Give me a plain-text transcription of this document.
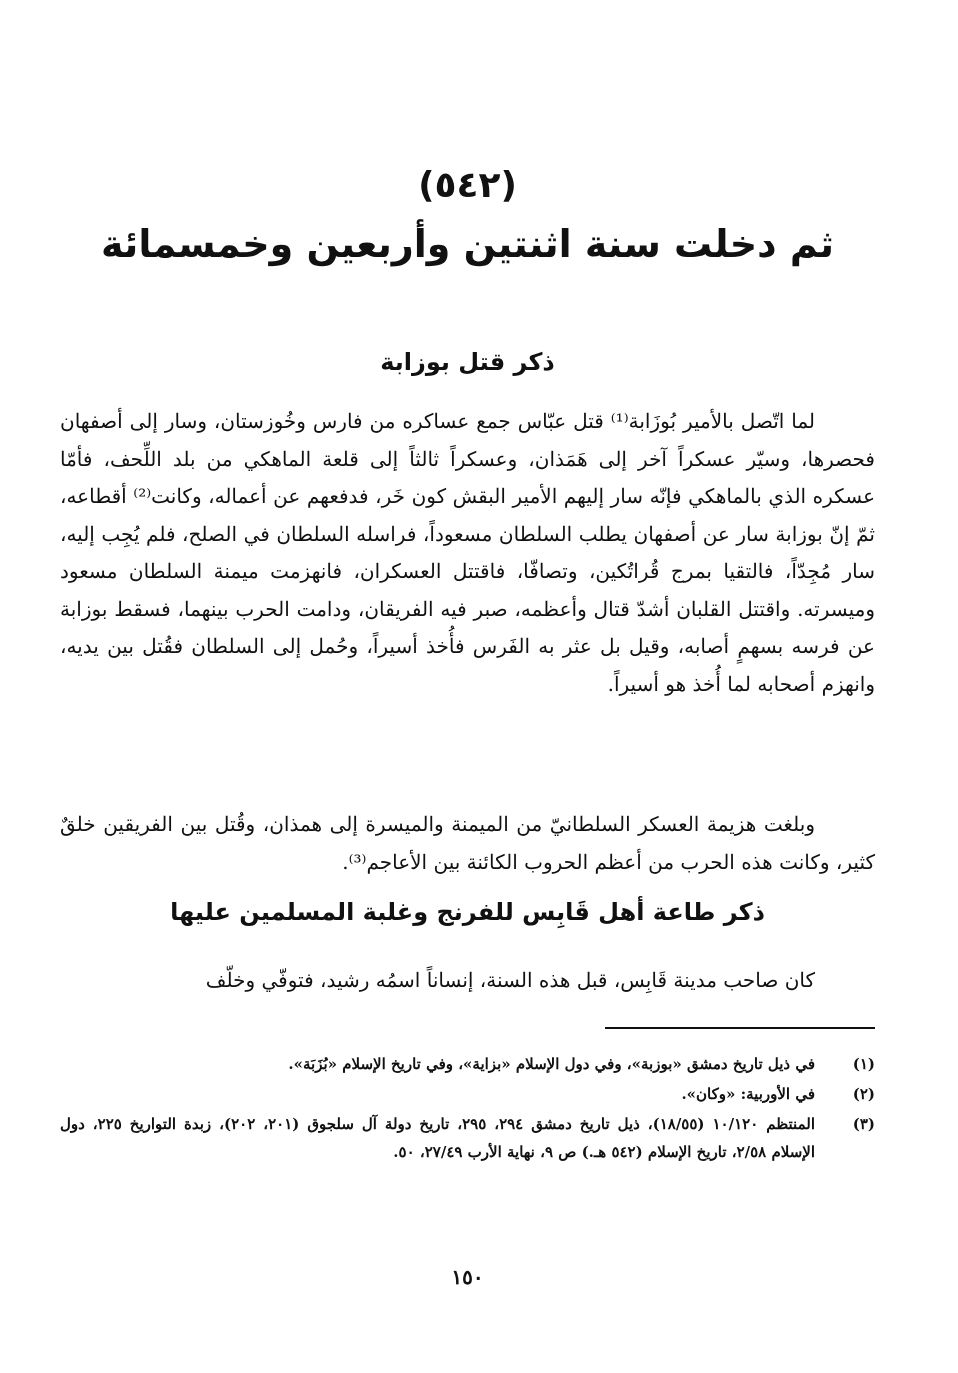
(٥٤٢)
ثم دخلت سنة اثنتين وأربعين وخمسمائة
ذكر قتل بوزابة

لما اتّصل بالأمير بُوزَابة⁽¹⁾ قتل عبّاس جمع عساكره من فارس وخُوزستان، وسار إلى أصفهان فحصرها، وسيّر عسكراً آخر إلى هَمَذان، وعسكراً ثالثاً إلى قلعة الماهكي من بلد اللِّحف، فأمّا عسكره الذي بالماهكي فإنّه سار إليهم الأمير البقش كون خَر، فدفعهم عن أعماله، وكانت⁽²⁾ أقطاعه، ثمّ إنّ بوزابة سار عن أصفهان يطلب السلطان مسعوداً، فراسله السلطان في الصلح، فلم يُجِب إليه، سار مُجِدّاً، فالتقيا بمرج قُراتُكين، وتصافّا، فاقتتل العسكران، فانهزمت ميمنة السلطان مسعود وميسرته. واقتتل القلبان أشدّ قتال وأعظمه، صبر فيه الفريقان، ودامت الحرب بينهما، فسقط بوزابة عن فرسه بسهمٍ أصابه، وقيل بل عثر به الفَرس فأُخذ أسيراً، وحُمل إلى السلطان فقُتل بين يديه، وانهزم أصحابه لما أُخذ هو أسيراً.

وبلغت هزيمة العسكر السلطانيّ من الميمنة والميسرة إلى همذان، وقُتل بين الفريقين خلقٌ كثير، وكانت هذه الحرب من أعظم الحروب الكائنة بين الأعاجم⁽³⁾.

ذكر طاعة أهل قَابِس للفرنج وغلبة المسلمين عليها

كان صاحب مدينة قَابِس، قبل هذه السنة، إنساناً اسمُه رشيد، فتوفّي وخلّف

(١)
في ذيل تاريخ دمشق «بوزبة»، وفي دول الإسلام «بزاية»، وفي تاريخ الإسلام «بُزَبَة».
(٢)
في الأوربية: «وكان».
(٣)
المنتظم ١٠/١٢٠ (١٨/٥٥)، ذيل تاريخ دمشق ٢٩٤، ٢٩٥، تاريخ دولة آل سلجوق (٢٠١، ٢٠٢)، زبدة التواريخ ٢٢٥، دول الإسلام ٢/٥٨، تاريخ الإسلام (٥٤٢ هـ.) ص ٩، نهاية الأرب ٢٧/٤٩، ٥٠.
١٥٠
